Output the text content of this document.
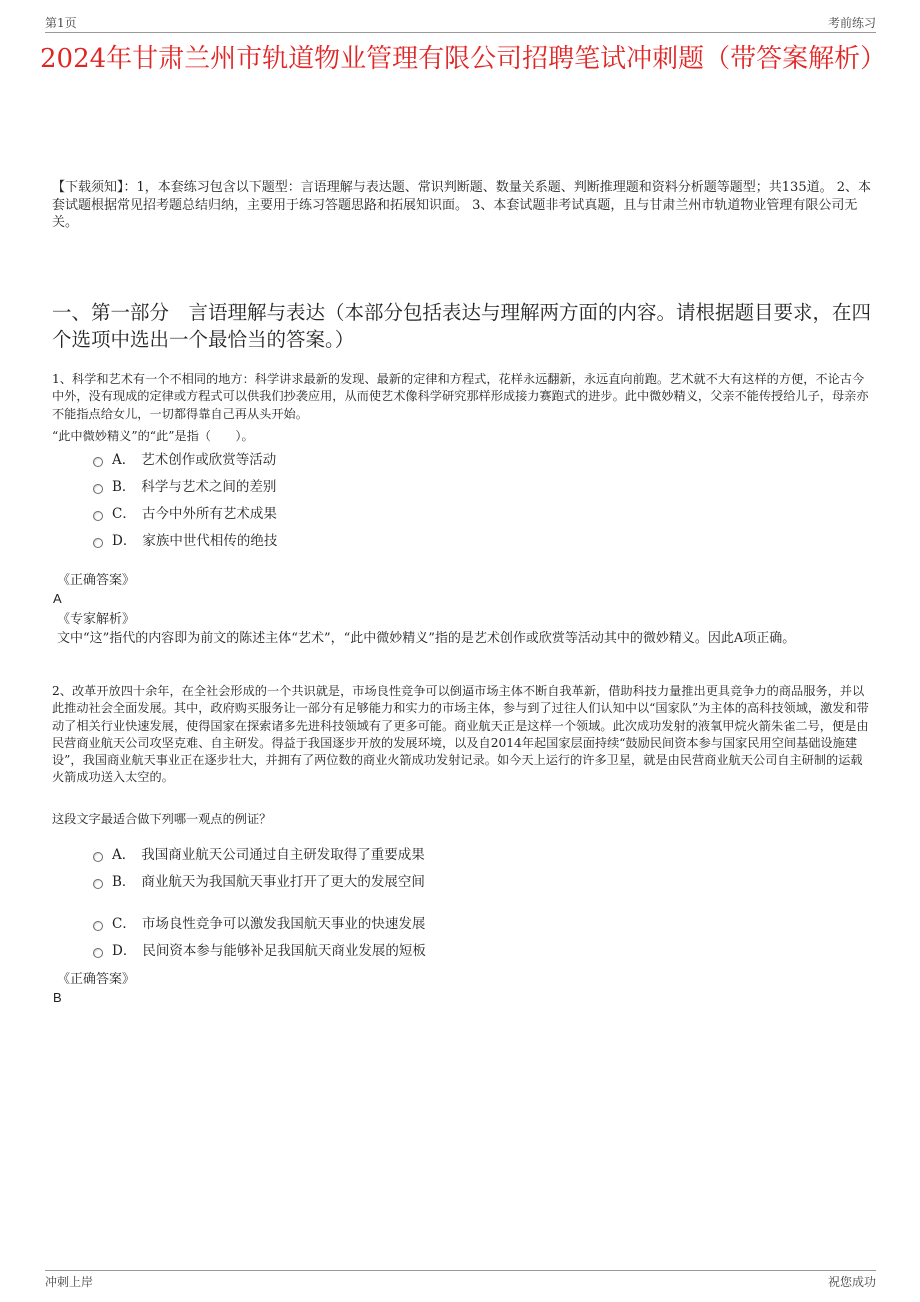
第1页	考前练习
2024年甘肃兰州市轨道物业管理有限公司招聘笔试冲刺题（带答案解析）
【下载须知】：1，本套练习包含以下题型：言语理解与表达题、常识判断题、数量关系题、判断推理题和资料分析题等题型；共135道。 2、本套试题根据常见招考题总结归纳，主要用于练习答题思路和拓展知识面。 3、本套试题非考试真题，且与甘肃兰州市轨道物业管理有限公司无关。
一、第一部分　言语理解与表达（本部分包括表达与理解两方面的内容。请根据题目要求，在四个选项中选出一个最恰当的答案。）
1、科学和艺术有一个不相同的地方：科学讲求最新的发现、最新的定律和方程式，花样永远翻新，永远直向前跑。艺术就不大有这样的方便，不论古今中外，没有现成的定律或方程式可以供我们抄袭应用，从而使艺术像科学研究那样形成接力赛跑式的进步。此中微妙精义，父亲不能传授给儿子，母亲亦不能指点给女儿，一切都得靠自己再从头开始。
“此中微妙精义”的“此”是指（　　）。
A． 艺术创作或欣赏等活动
B． 科学与艺术之间的差别
C． 古今中外所有艺术成果
D． 家族中世代相传的绝技
《正确答案》
A
《专家解析》
文中“这”指代的内容即为前文的陈述主体“艺术”，“此中微妙精义”指的是艺术创作或欣赏等活动其中的微妙精义。因此A项正确。
2、改革开放四十余年，在全社会形成的一个共识就是，市场良性竞争可以倒逼市场主体不断自我革新，借助科技力量推出更具竞争力的商品服务，并以此推动社会全面发展。其中，政府购买服务让一部分有足够能力和实力的市场主体，参与到了过往人们认知中以“国家队”为主体的高科技领域，激发和带动了相关行业快速发展，使得国家在探索诸多先进科技领域有了更多可能。商业航天正是这样一个领域。此次成功发射的液氧甲烷火箭朱雀二号，便是由民营商业航天公司攻坚克难、自主研发。得益于我国逐步开放的发展环境，以及自2014年起国家层面持续“鼓励民间资本参与国家民用空间基础设施建设”，我国商业航天事业正在逐步壮大，并拥有了两位数的商业火箭成功发射记录。如今天上运行的许多卫星，就是由民营商业航天公司自主研制的运载火箭成功送入太空的。
这段文字最适合做下列哪一观点的例证？
A． 我国商业航天公司通过自主研发取得了重要成果
B． 商业航天为我国航天事业打开了更大的发展空间
C． 市场良性竞争可以激发我国航天事业的快速发展
D． 民间资本参与能够补足我国航天商业发展的短板
《正确答案》
B
冲刺上岸	祝您成功
